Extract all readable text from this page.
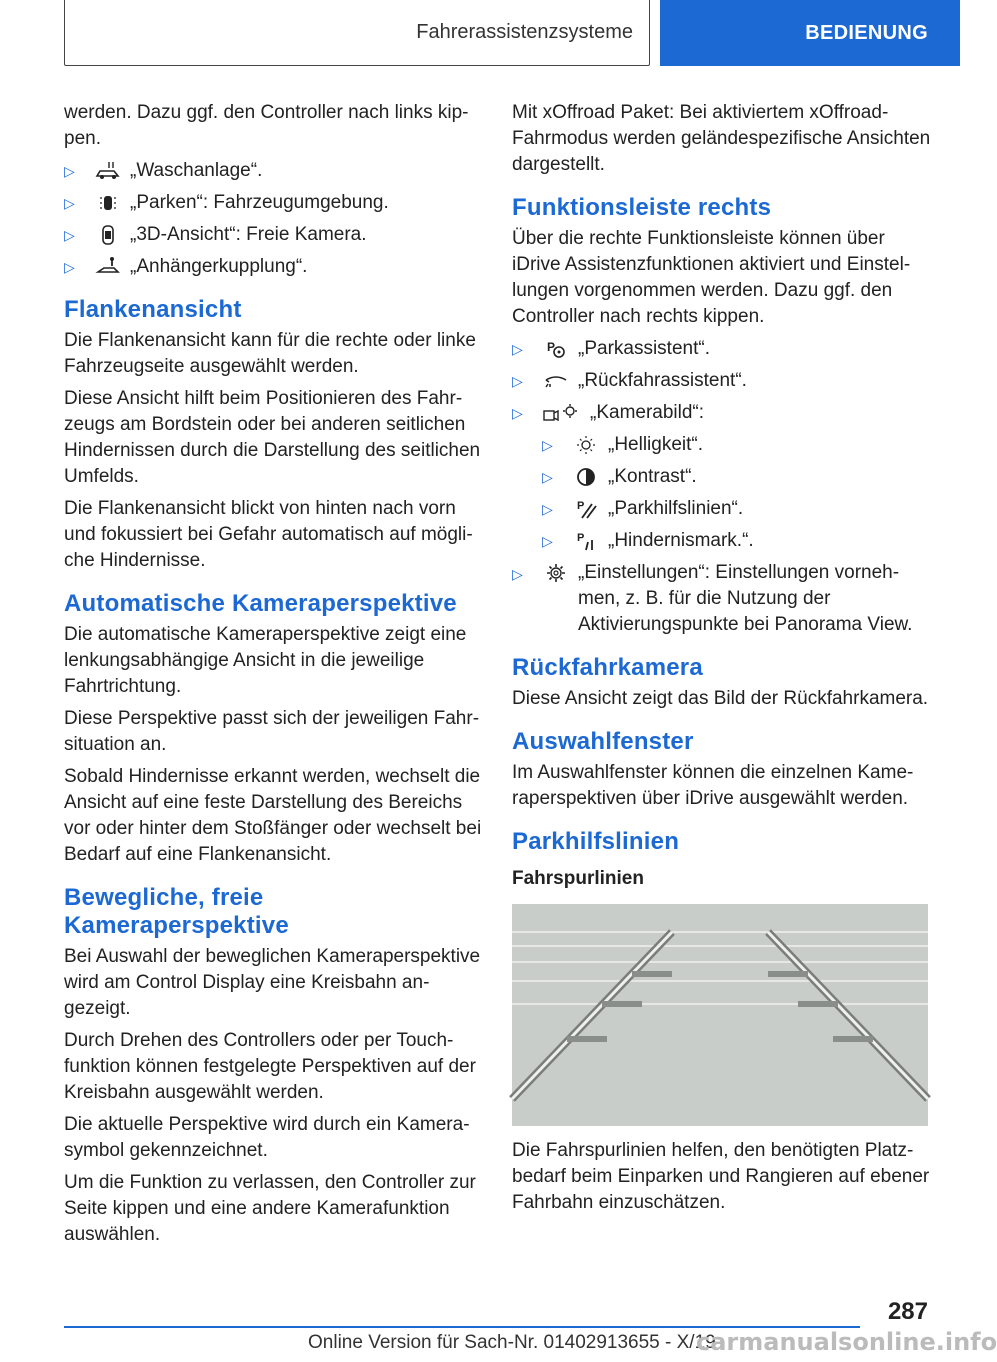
Fahrerassistenzsysteme	BEDIENUNG

werden. Dazu ggf. den Controller nach links kippen.

▷	„Waschanlage“.
▷	„Parken“: Fahrzeugumgebung.
▷	„3D-Ansicht“: Freie Kamera.
▷	„Anhängerkupplung“.
Flankenansicht

Die Flankenansicht kann für die rechte oder linke Fahrzeugseite ausgewählt werden.

Diese Ansicht hilft beim Positionieren des Fahrzeugs am Bordstein oder bei anderen seitlichen Hindernissen durch die Darstellung des seitlichen Umfelds.

Die Flankenansicht blickt von hinten nach vorn und fokussiert bei Gefahr automatisch auf mögliche Hindernisse.

Automatische Kameraperspektive

Die automatische Kameraperspektive zeigt eine lenkungsabhängige Ansicht in die jeweilige Fahrtrichtung.

Diese Perspektive passt sich der jeweiligen Fahrsituation an.

Sobald Hindernisse erkannt werden, wechselt die Ansicht auf eine feste Darstellung des Bereichs vor oder hinter dem Stoßfänger oder wechselt bei Bedarf auf eine Flankenansicht.

Bewegliche, freie Kameraperspektive

Bei Auswahl der beweglichen Kameraperspektive wird am Control Display eine Kreisbahn angezeigt.

Durch Drehen des Controllers oder per Touchfunktion können festgelegte Perspektiven auf der Kreisbahn ausgewählt werden.

Die aktuelle Perspektive wird durch ein Kamerasymbol gekennzeichnet.

Um die Funktion zu verlassen, den Controller zur Seite kippen und eine andere Kamerafunktion auswählen.

Mit xOffroad Paket: Bei aktiviertem xOffroad-Fahrmodus werden geländespezifische Ansichten dargestellt.

Funktionsleiste rechts

Über die rechte Funktionsleiste können über iDrive Assistenzfunktionen aktiviert und Einstellungen vorgenommen werden. Dazu ggf. den Controller nach rechts kippen.

▷	P „Parkassistent“.
▷	„Rückfahrassistent“.
▷	„Kamerabild“:
▷	„Helligkeit“.
▷	„Kontrast“.
▷	P „Parkhilfslinien“.
▷	P „Hindernismark.“.
▷	„Einstellungen“: Einstellungen vornehmen, z. B. für die Nutzung der Aktivierungspunkte bei Panorama View.
Rückfahrkamera

Diese Ansicht zeigt das Bild der Rückfahrkamera.

Auswahlfenster

Im Auswahlfenster können die einzelnen Kameraperspektiven über iDrive ausgewählt werden.

Parkhilfslinien
Fahrspurlinien

Die Fahrspurlinien helfen, den benötigten Platzbedarf beim Einparken und Rangieren auf ebener Fahrbahn einzuschätzen.

287
Online Version für Sach-Nr. 01402913655 - X/19
carmanualsonline.info
